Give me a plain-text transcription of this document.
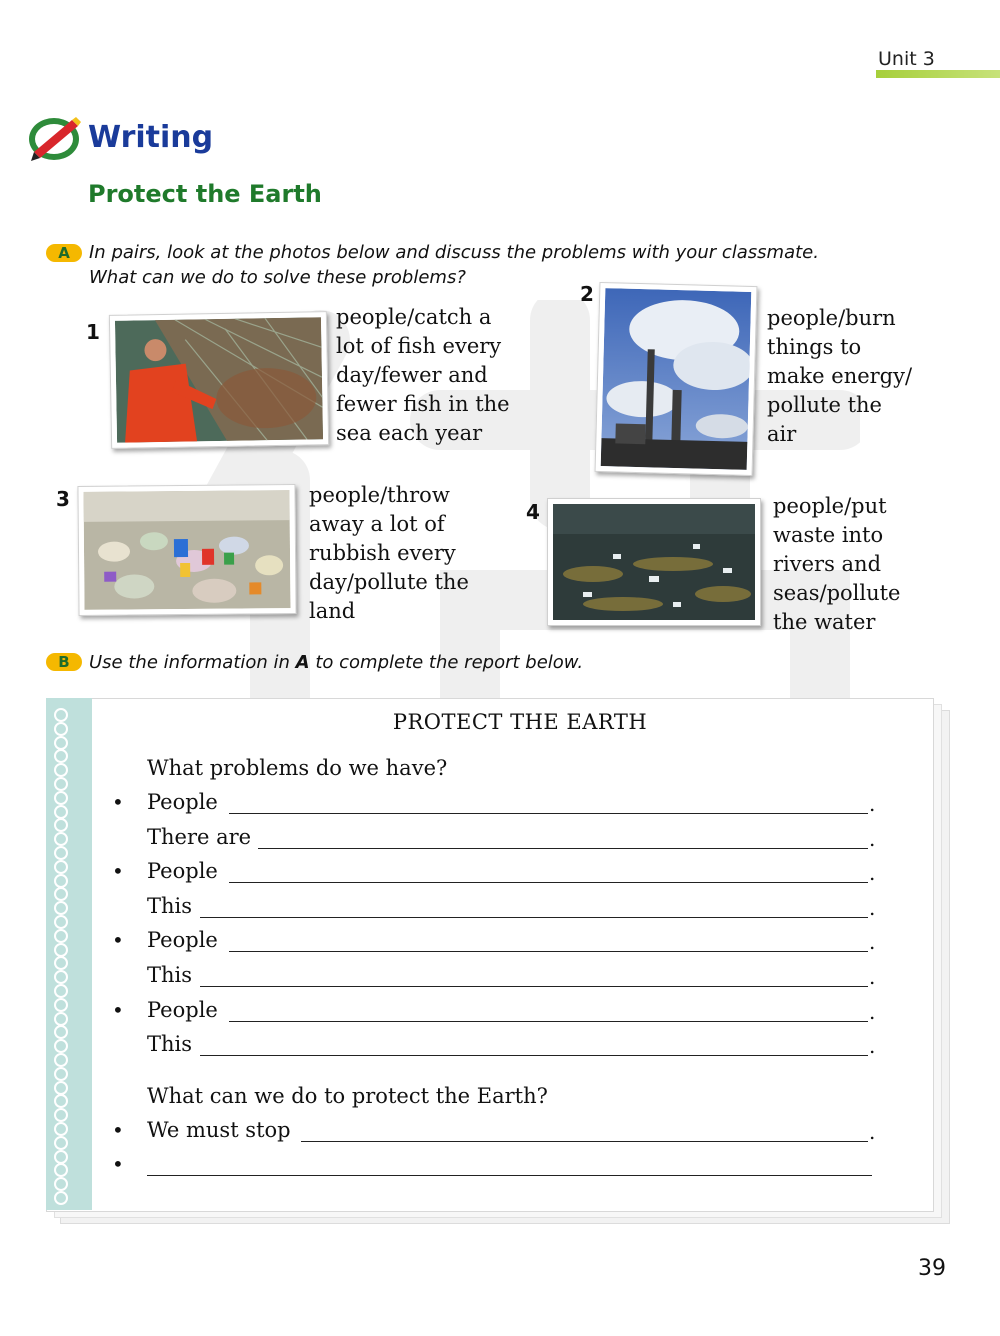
Unit 3
Writing
Protect the Earth
A	In pairs, look at the photos below and discuss the problems with your classmate.
What can we do to solve these problems?
1
people/catch a
lot of fish every
day/fewer and
fewer fish in the
sea each year
2
people/burn
things to
make energy/
pollute the
air
3	people/throw
away a lot of
rubbish every
day/pollute the
land
4	people/put
waste into
rivers and
seas/pollute
the water
B	Use the information in A to complete the report below.
PROTECT THE EARTH
What problems do we have?
• People	.
There are	.
• People	.
This	.
• People	.
This	.
• People	.
This	.
What can we do to protect the Earth?
• We must stop	.
•
39
